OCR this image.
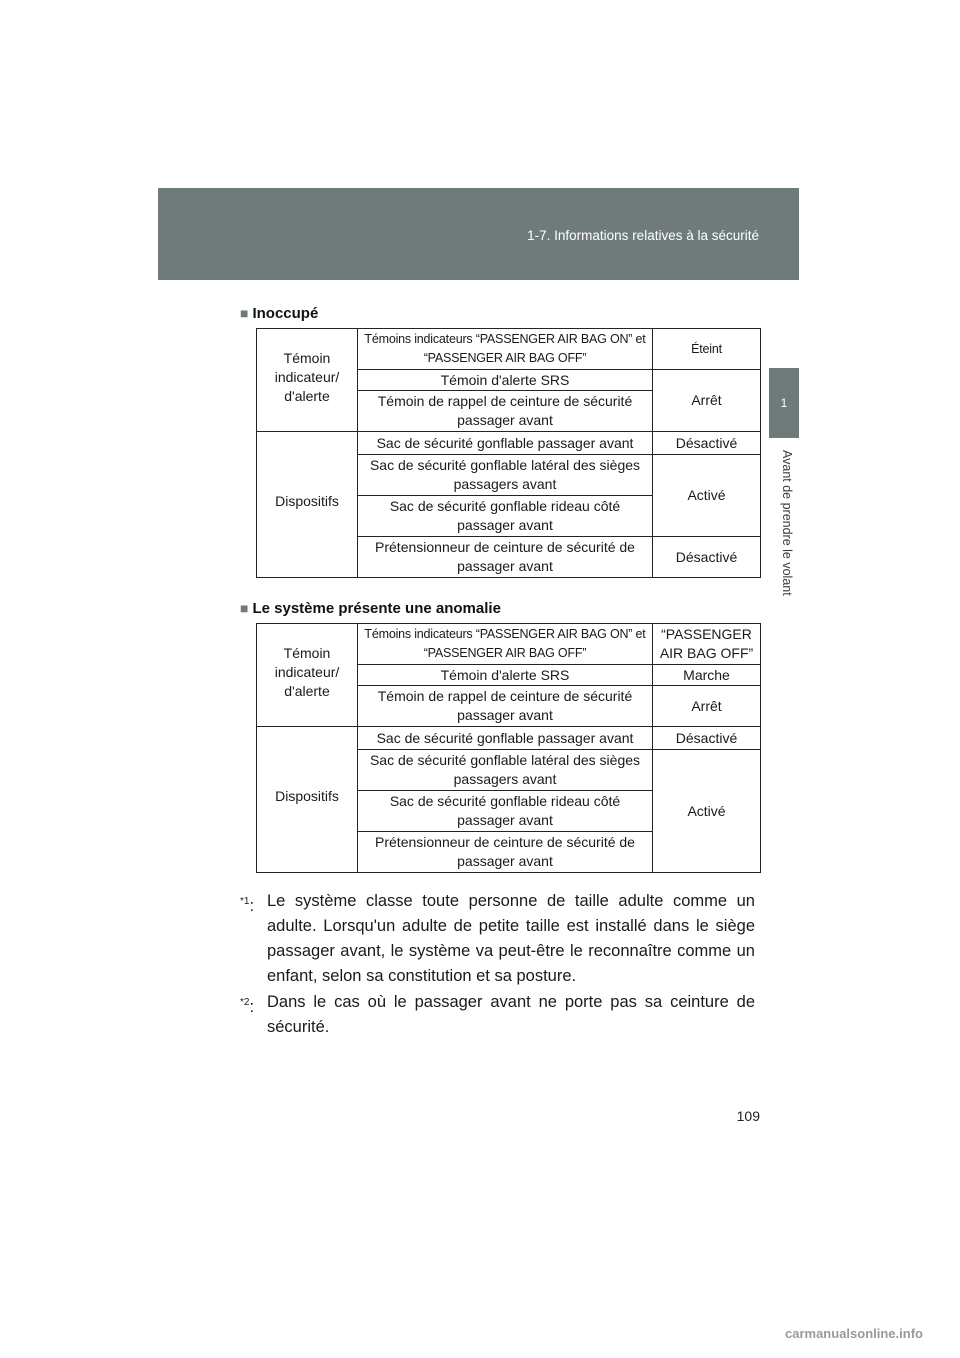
1-7. Informations relatives à la sécurité
1
Avant de prendre le volant
■ Inoccupé
Témoin indicateur/ d'alerte	Témoins indicateurs “PASSENGER AIR BAG ON” et “PASSENGER AIR BAG OFF”	Éteint
	Témoin d'alerte SRS	Arrêt
	Témoin de rappel de ceinture de sécurité passager avant	
Dispositifs	Sac de sécurité gonflable passager avant	Désactivé
	Sac de sécurité gonflable latéral des sièges passagers avant	Activé
	Sac de sécurité gonflable rideau côté passager avant	
	Prétensionneur de ceinture de sécurité de passager avant	Désactivé
■ Le système présente une anomalie
Témoin indicateur/ d'alerte	Témoins indicateurs “PASSENGER AIR BAG ON” et “PASSENGER AIR BAG OFF”	“PASSENGER AIR BAG OFF”
	Témoin d'alerte SRS	Marche
	Témoin de rappel de ceinture de sécurité passager avant	Arrêt
Dispositifs	Sac de sécurité gonflable passager avant	Désactivé
	Sac de sécurité gonflable latéral des sièges passagers avant	Activé
	Sac de sécurité gonflable rideau côté passager avant	
	Prétensionneur de ceinture de sécurité de passager avant	
$^{*1}$: Le système classe toute personne de taille adulte comme un adulte. Lorsqu'un adulte de petite taille est installé dans le siège passager avant, le système va peut-être le reconnaître comme un enfant, selon sa constitution et sa posture.
$^{*2}$: Dans le cas où le passager avant ne porte pas sa ceinture de sécurité.
109
carmanualsonline.info
